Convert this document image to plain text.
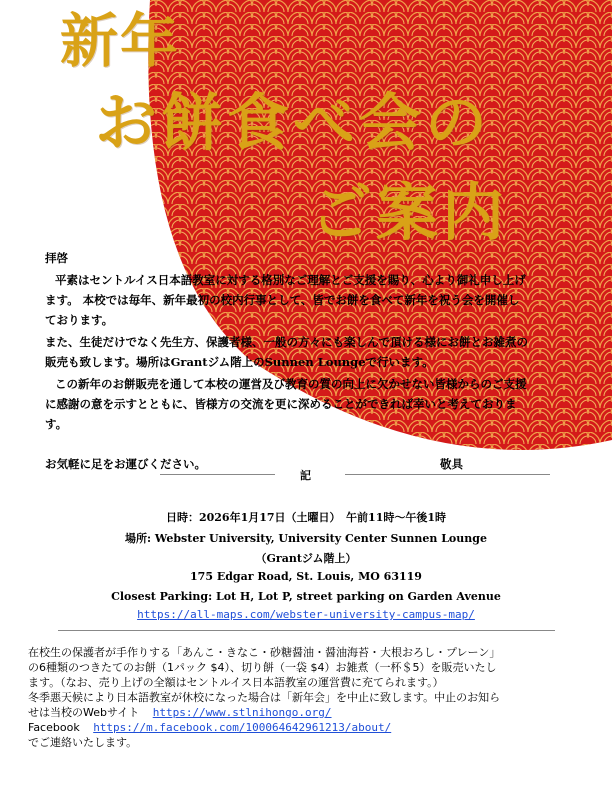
新年
お餅食べ会の
ご案内
拝啓
平素はセントルイス日本語教室に対する格別なご理解とご支援を賜り、心より御礼申し上げ
ます。 本校では毎年、新年最初の校内行事として、皆でお餅を食べて新年を祝う会を開催し
ております。
また、生徒だけでなく先生方、保護者様、一般の方々にも楽しんで頂ける様にお餅とお雑煮の
販売も致します。場所はGrantジム階上のSunnen Loungeで行います。
この新年のお餅販売を通して本校の運営及び教育の質の向上に欠かせない皆様からのご支援
に感謝の意を示すとともに、皆様方の交流を更に深めることができれば幸いと考えておりま
す。
お気軽に足をお運びください。	敬具
記
日時：2026年1月17日（土曜日）　午前11時〜午後1時
場所: Webster University, University Center Sunnen Lounge
（Grantジム階上）
175 Edgar Road, St. Louis, MO 63119
Closest Parking: Lot H, Lot P, street parking on Garden Avenue
https://all-maps.com/webster-university-campus-map/
在校生の保護者が手作りする「あんこ・きなこ・砂糖醤油・醤油海苔・大根おろし・プレーン」
の6種類のつきたてのお餅（1パック $4）、切り餅（一袋 $4）お雑煮（一杯＄5）を販売いたし
ます。（なお、売り上げの全額はセントルイス日本語教室の運営費に充てられます。）
冬季悪天候により日本語教室が休校になった場合は「新年会」を中止に致します。中止のお知ら
せは当校のWebサイト https://www.stlnihongo.org/
Facebook https://m.facebook.com/100064642961213/about/
でご連絡いたします。
